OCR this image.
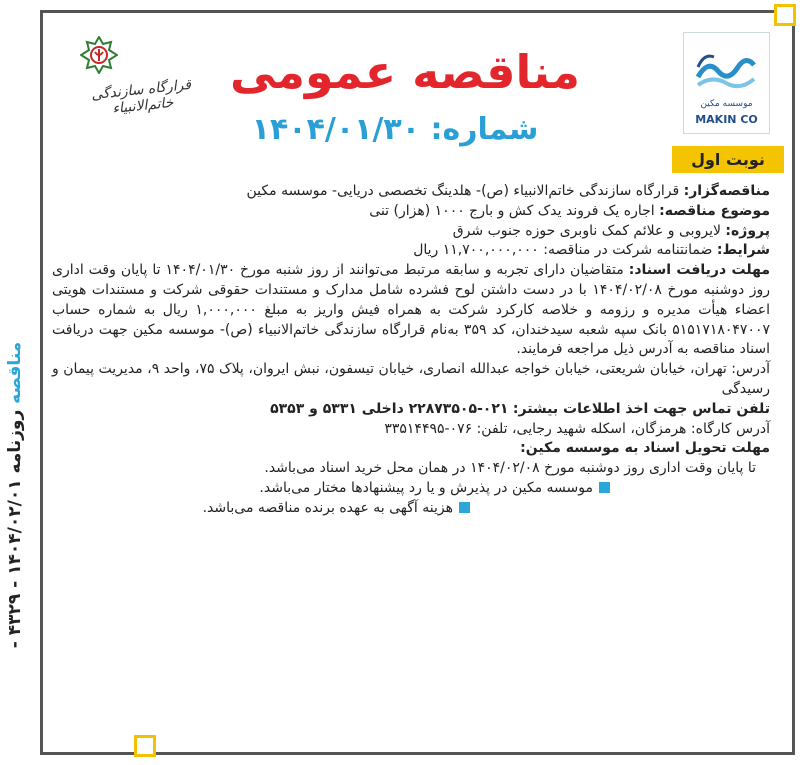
- ۴۳۲۹ - ۱۴۰۴/۰۲/۰۱ مناقصه روزنامه
قرارگاه سازندگی خاتم‌الانبیاء
مناقصه عمومی
شماره: ۱۴۰۴/۰۱/۳۰
موسسه مکین
MAKIN CO
نوبت اول

مناقصه‌گزار: قرارگاه سازندگی خاتم‌الانبیاء (ص)- هلدینگ تخصصی دریایی- موسسه مکین

موضوع مناقصه: اجاره یک فروند یدک کش و بارج ۱۰۰۰ (هزار) تنی

پروژه: لایروبی و علائم کمک ناوبری حوزه جنوب شرق

شرایط: ضمانتنامه شرکت در مناقصه: ۱۱,۷۰۰,۰۰۰,۰۰۰ ریال

مهلت دریافت اسناد: متقاضیان دارای تجربه و سابقه مرتبط می‌توانند از روز شنبه مورخ ۱۴۰۴/۰۱/۳۰ تا پایان وقت اداری روز دوشنبه مورخ ۱۴۰۴/۰۲/۰۸ با در دست داشتن لوح فشرده شامل مدارک و مستندات حقوقی شرکت و مستندات هویتی اعضاء هیأت مدیره و رزومه و خلاصه کارکرد شرکت به همراه فیش واریز به مبلغ ۱,۰۰۰,۰۰۰ ریال به شماره حساب ۵۱۵۱۷۱۸۰۴۷۰۰۷ بانک سپه شعبه سیدخندان، کد ۳۵۹ به‌نام قرارگاه سازندگی خاتم‌الانبیاء (ص)- موسسه مکین جهت دریافت اسناد مناقصه به آدرس ذیل مراجعه فرمایند.

آدرس: تهران، خیابان شریعتی، خیابان خواجه عبدالله انصاری، خیابان تیسفون، نبش ایروان، پلاک ۷۵، واحد ۹، مدیریت پیمان و رسیدگی

تلفن تماس جهت اخذ اطلاعات بیشتر: ۰۲۱-۲۲۸۷۳۵۰۵ داخلی ۵۳۳۱ و ۵۳۵۳

آدرس کارگاه: هرمزگان، اسکله شهید رجایی، تلفن: ۰۷۶-۳۳۵۱۴۴۹۵

مهلت تحویل اسناد به موسسه مکین:

تا پایان وقت اداری روز دوشنبه مورخ ۱۴۰۴/۰۲/۰۸ در همان محل خرید اسناد می‌باشد.

موسسه مکین در پذیرش و یا رد پیشنهادها مختار می‌باشد.

هزینه آگهی به عهده برنده مناقصه می‌باشد.
